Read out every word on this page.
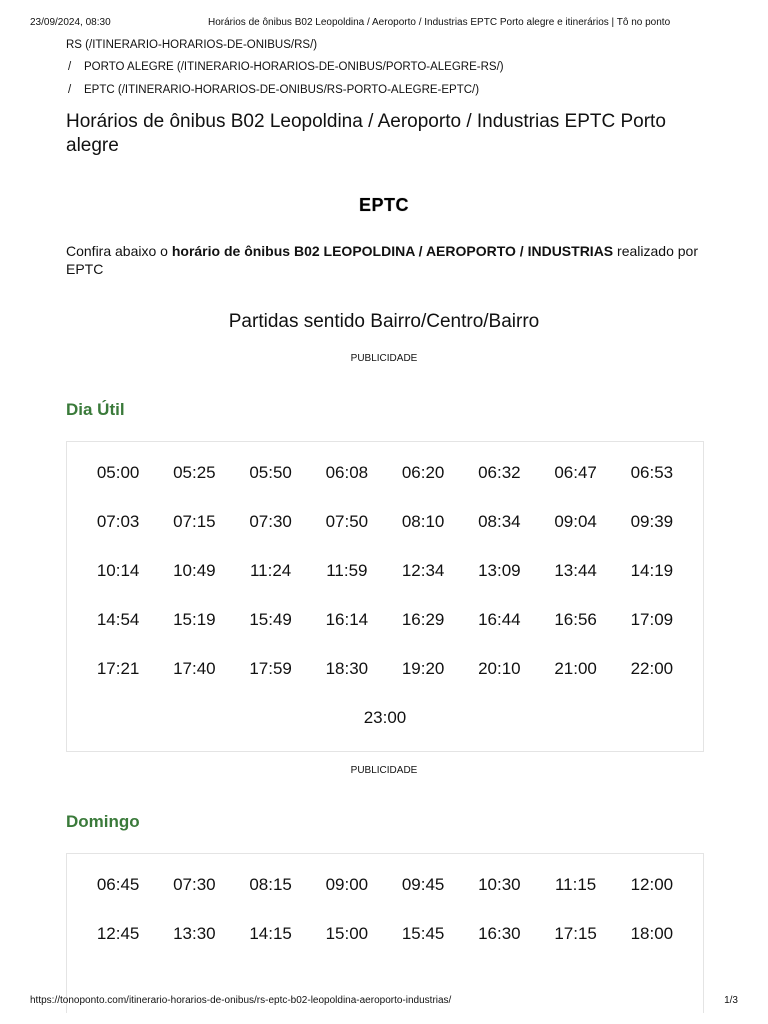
23/09/2024, 08:30	Horários de ônibus B02 Leopoldina / Aeroporto / Industrias EPTC Porto alegre e itinerários | Tô no ponto
RS (/ITINERARIO-HORARIOS-DE-ONIBUS/RS/)
/ PORTO ALEGRE (/ITINERARIO-HORARIOS-DE-ONIBUS/PORTO-ALEGRE-RS/)
/ EPTC (/ITINERARIO-HORARIOS-DE-ONIBUS/RS-PORTO-ALEGRE-EPTC/)
Horários de ônibus B02 Leopoldina / Aeroporto / Industrias EPTC Porto alegre
EPTC

Confira abaixo o horário de ônibus B02 LEOPOLDINA / AEROPORTO / INDUSTRIAS realizado por EPTC

Partidas sentido Bairro/Centro/Bairro
PUBLICIDADE
Dia Útil
05:00	05:25	05:50	06:08	06:20	06:32	06:47	06:53
07:03	07:15	07:30	07:50	08:10	08:34	09:04	09:39
10:14	10:49	11:24	11:59	12:34	13:09	13:44	14:19
14:54	15:19	15:49	16:14	16:29	16:44	16:56	17:09
17:21	17:40	17:59	18:30	19:20	20:10	21:00	22:00
23:00
PUBLICIDADE
Domingo
06:45	07:30	08:15	09:00	09:45	10:30	11:15	12:00
12:45	13:30	14:15	15:00	15:45	16:30	17:15	18:00
https://tonoponto.com/itinerario-horarios-de-onibus/rs-eptc-b02-leopoldina-aeroporto-industrias/	1/3
